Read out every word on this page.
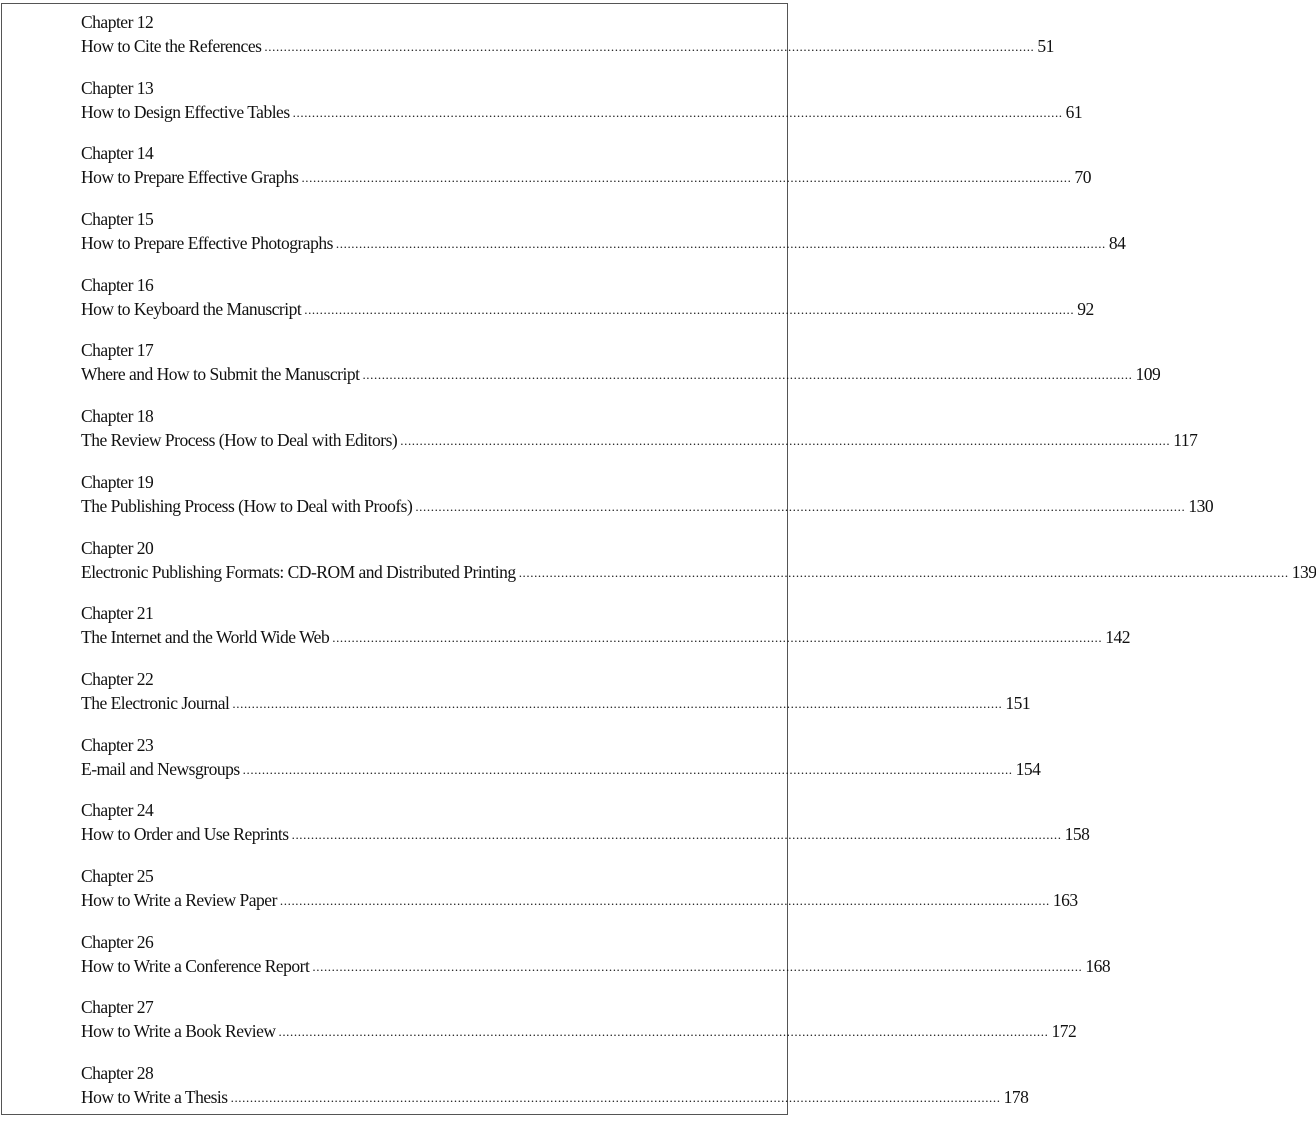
Chapter 12
How to Cite the References ........................................................................................................................................................................................................ 51
Chapter 13
How to Design Effective Tables ........................................................................................................................................................................................................ 61
Chapter 14
How to Prepare Effective Graphs ........................................................................................................................................................................................................ 70
Chapter 15
How to Prepare Effective Photographs ........................................................................................................................................................................................................ 84
Chapter 16
How to Keyboard the Manuscript ........................................................................................................................................................................................................ 92
Chapter 17
Where and How to Submit the Manuscript ........................................................................................................................................................................................................ 109
Chapter 18
The Review Process (How to Deal with Editors) ........................................................................................................................................................................................................ 117
Chapter 19
The Publishing Process (How to Deal with Proofs) ........................................................................................................................................................................................................ 130
Chapter 20
Electronic Publishing Formats: CD-ROM and Distributed Printing ........................................................................................................................................................................................................ 139
Chapter 21
The Internet and the World Wide Web ........................................................................................................................................................................................................ 142
Chapter 22
The Electronic Journal ........................................................................................................................................................................................................ 151
Chapter 23
E-mail and Newsgroups ........................................................................................................................................................................................................ 154
Chapter 24
How to Order and Use Reprints ........................................................................................................................................................................................................ 158
Chapter 25
How to Write a Review Paper ........................................................................................................................................................................................................ 163
Chapter 26
How to Write a Conference Report ........................................................................................................................................................................................................ 168
Chapter 27
How to Write a Book Review ........................................................................................................................................................................................................ 172
Chapter 28
How to Write a Thesis ........................................................................................................................................................................................................ 178
